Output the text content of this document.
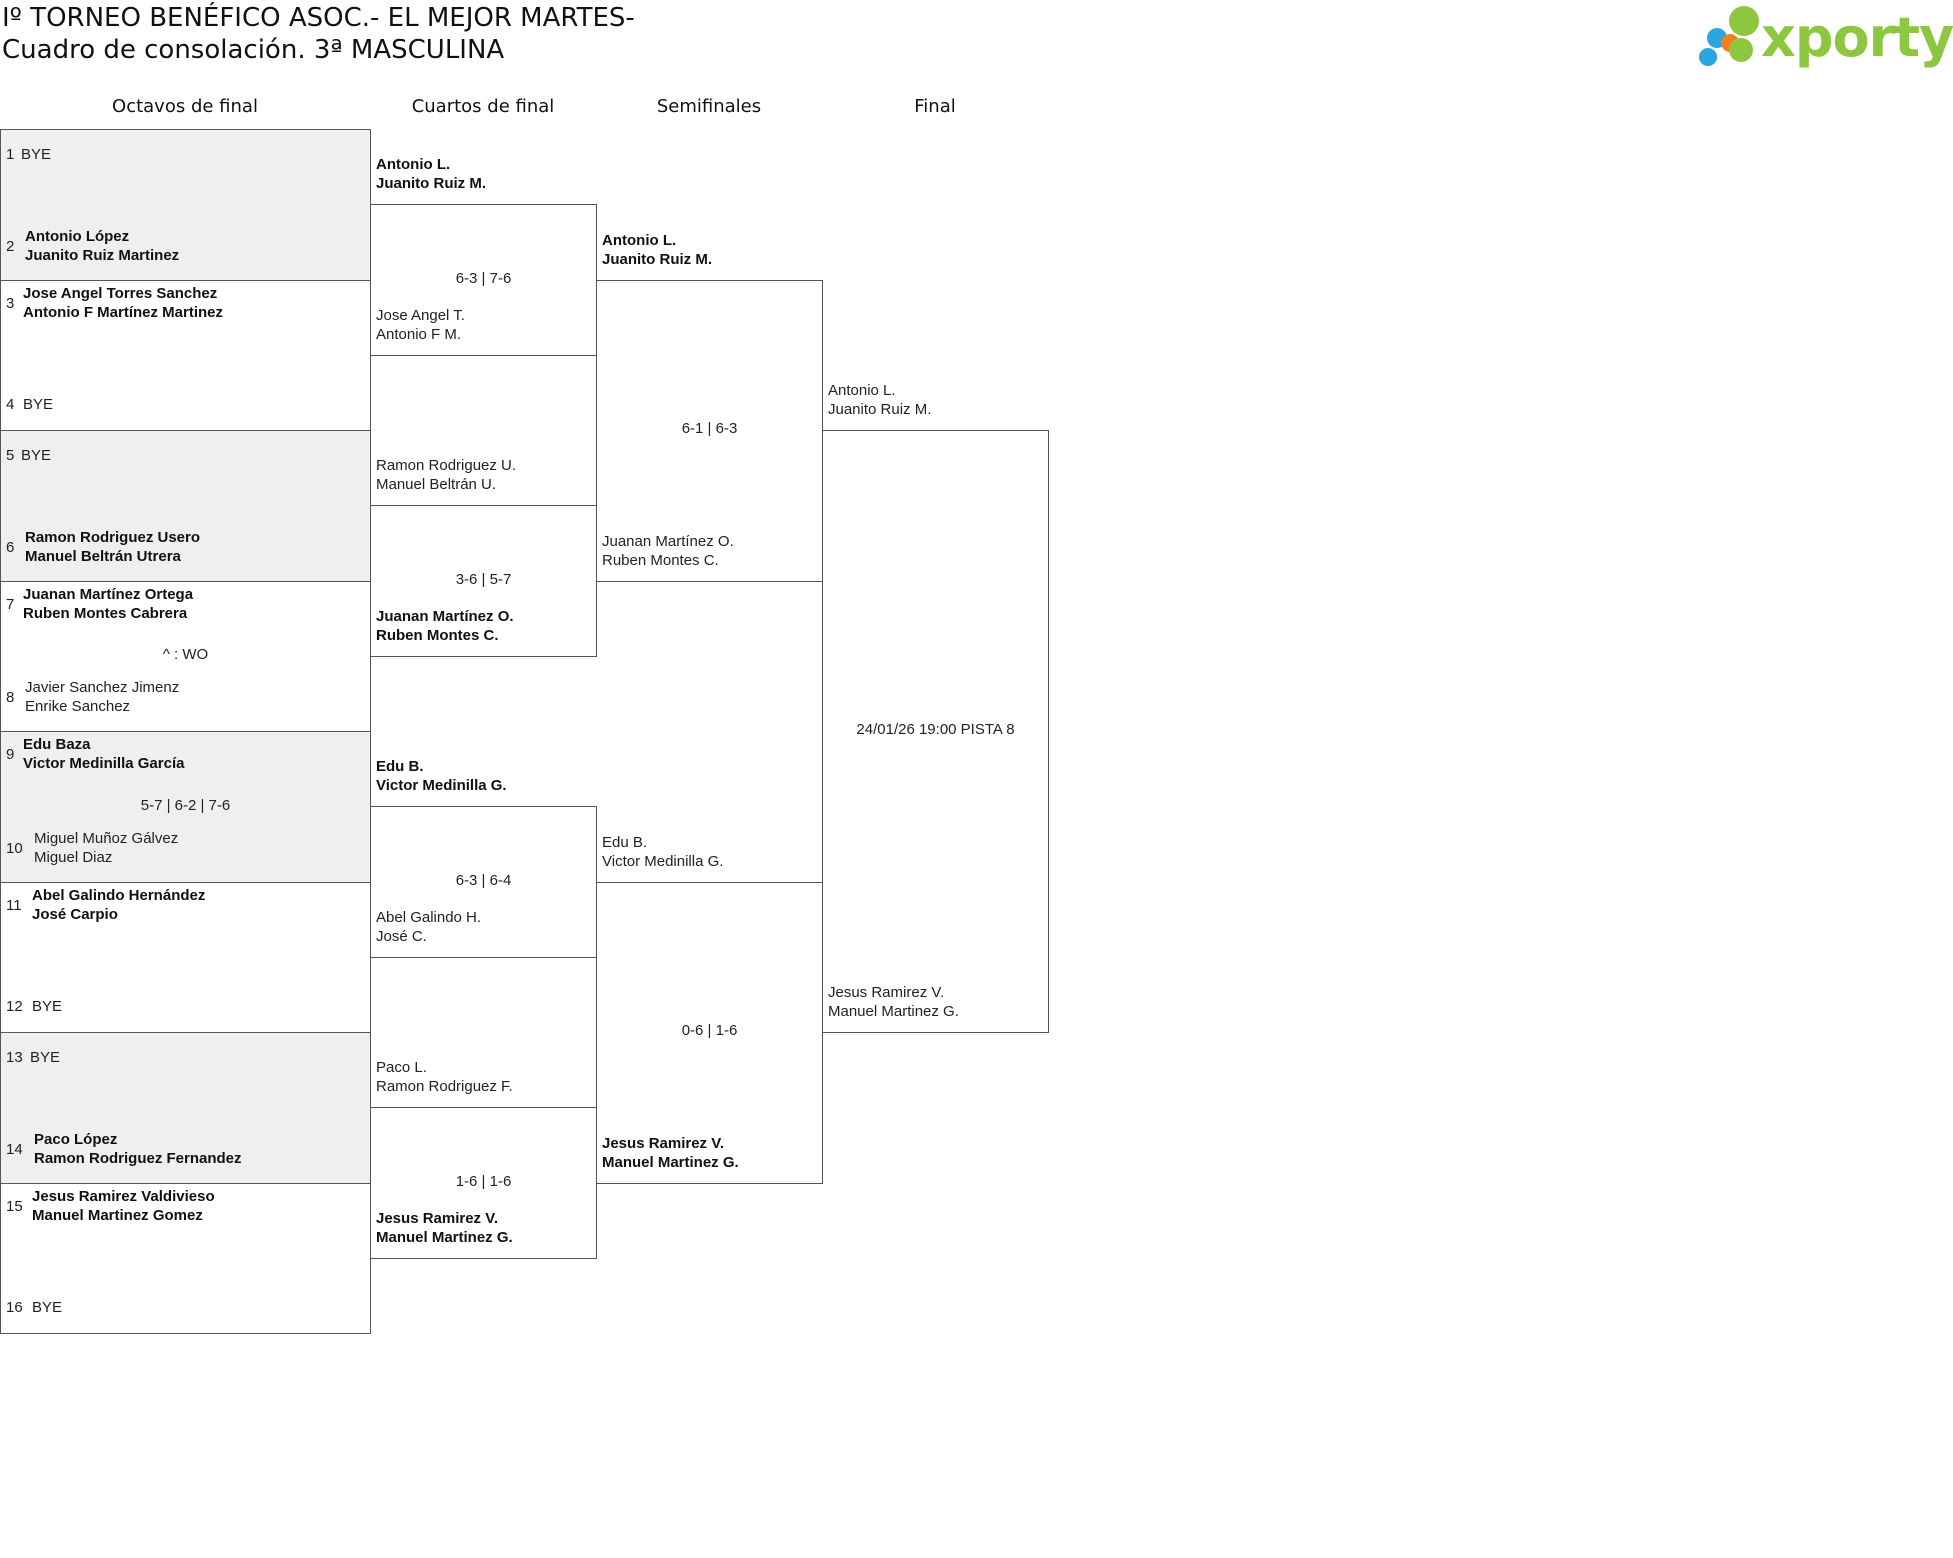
Iº TORNEO BENÉFICO ASOC.- EL MEJOR MARTES-
Cuadro de consolación. 3ª MASCULINA	xporty
Octavos de final	Cuartos de final	Semifinales	Final
1 BYE
2
Antonio López
Juanito Ruiz Martinez
3
Jose Angel Torres Sanchez
Antonio F Martínez Martinez
4 BYE
5 BYE
6
Ramon Rodriguez Usero
Manuel Beltrán Utrera
7
Juanan Martínez Ortega
Ruben Montes Cabrera
8
Javier Sanchez Jimenz
Enrike Sanchez
^ : WO
9
Edu Baza
Victor Medinilla García
10
Miguel Muñoz Gálvez
Miguel Diaz
5-7 | 6-2 | 7-6
11
Abel Galindo Hernández
José Carpio
12 BYE
13 BYE
14
Paco López
Ramon Rodriguez Fernandez
15
Jesus Ramirez Valdivieso
Manuel Martinez Gomez
16 BYE
Antonio L.
Juanito Ruiz M.
Jose Angel T.
Antonio F M.
6-3 | 7-6
Ramon Rodriguez U.
Manuel Beltrán U.
Juanan Martínez O.
Ruben Montes C.
3-6 | 5-7
Edu B.
Victor Medinilla G.
Abel Galindo H.
José C.
6-3 | 6-4
Paco L.
Ramon Rodriguez F.
Jesus Ramirez V.
Manuel Martinez G.
1-6 | 1-6
Antonio L.
Juanito Ruiz M.
Juanan Martínez O.
Ruben Montes C.
6-1 | 6-3
Edu B.
Victor Medinilla G.
Jesus Ramirez V.
Manuel Martinez G.
0-6 | 1-6
Antonio L.
Juanito Ruiz M.
Jesus Ramirez V.
Manuel Martinez G.
24/01/26 19:00 PISTA 8
